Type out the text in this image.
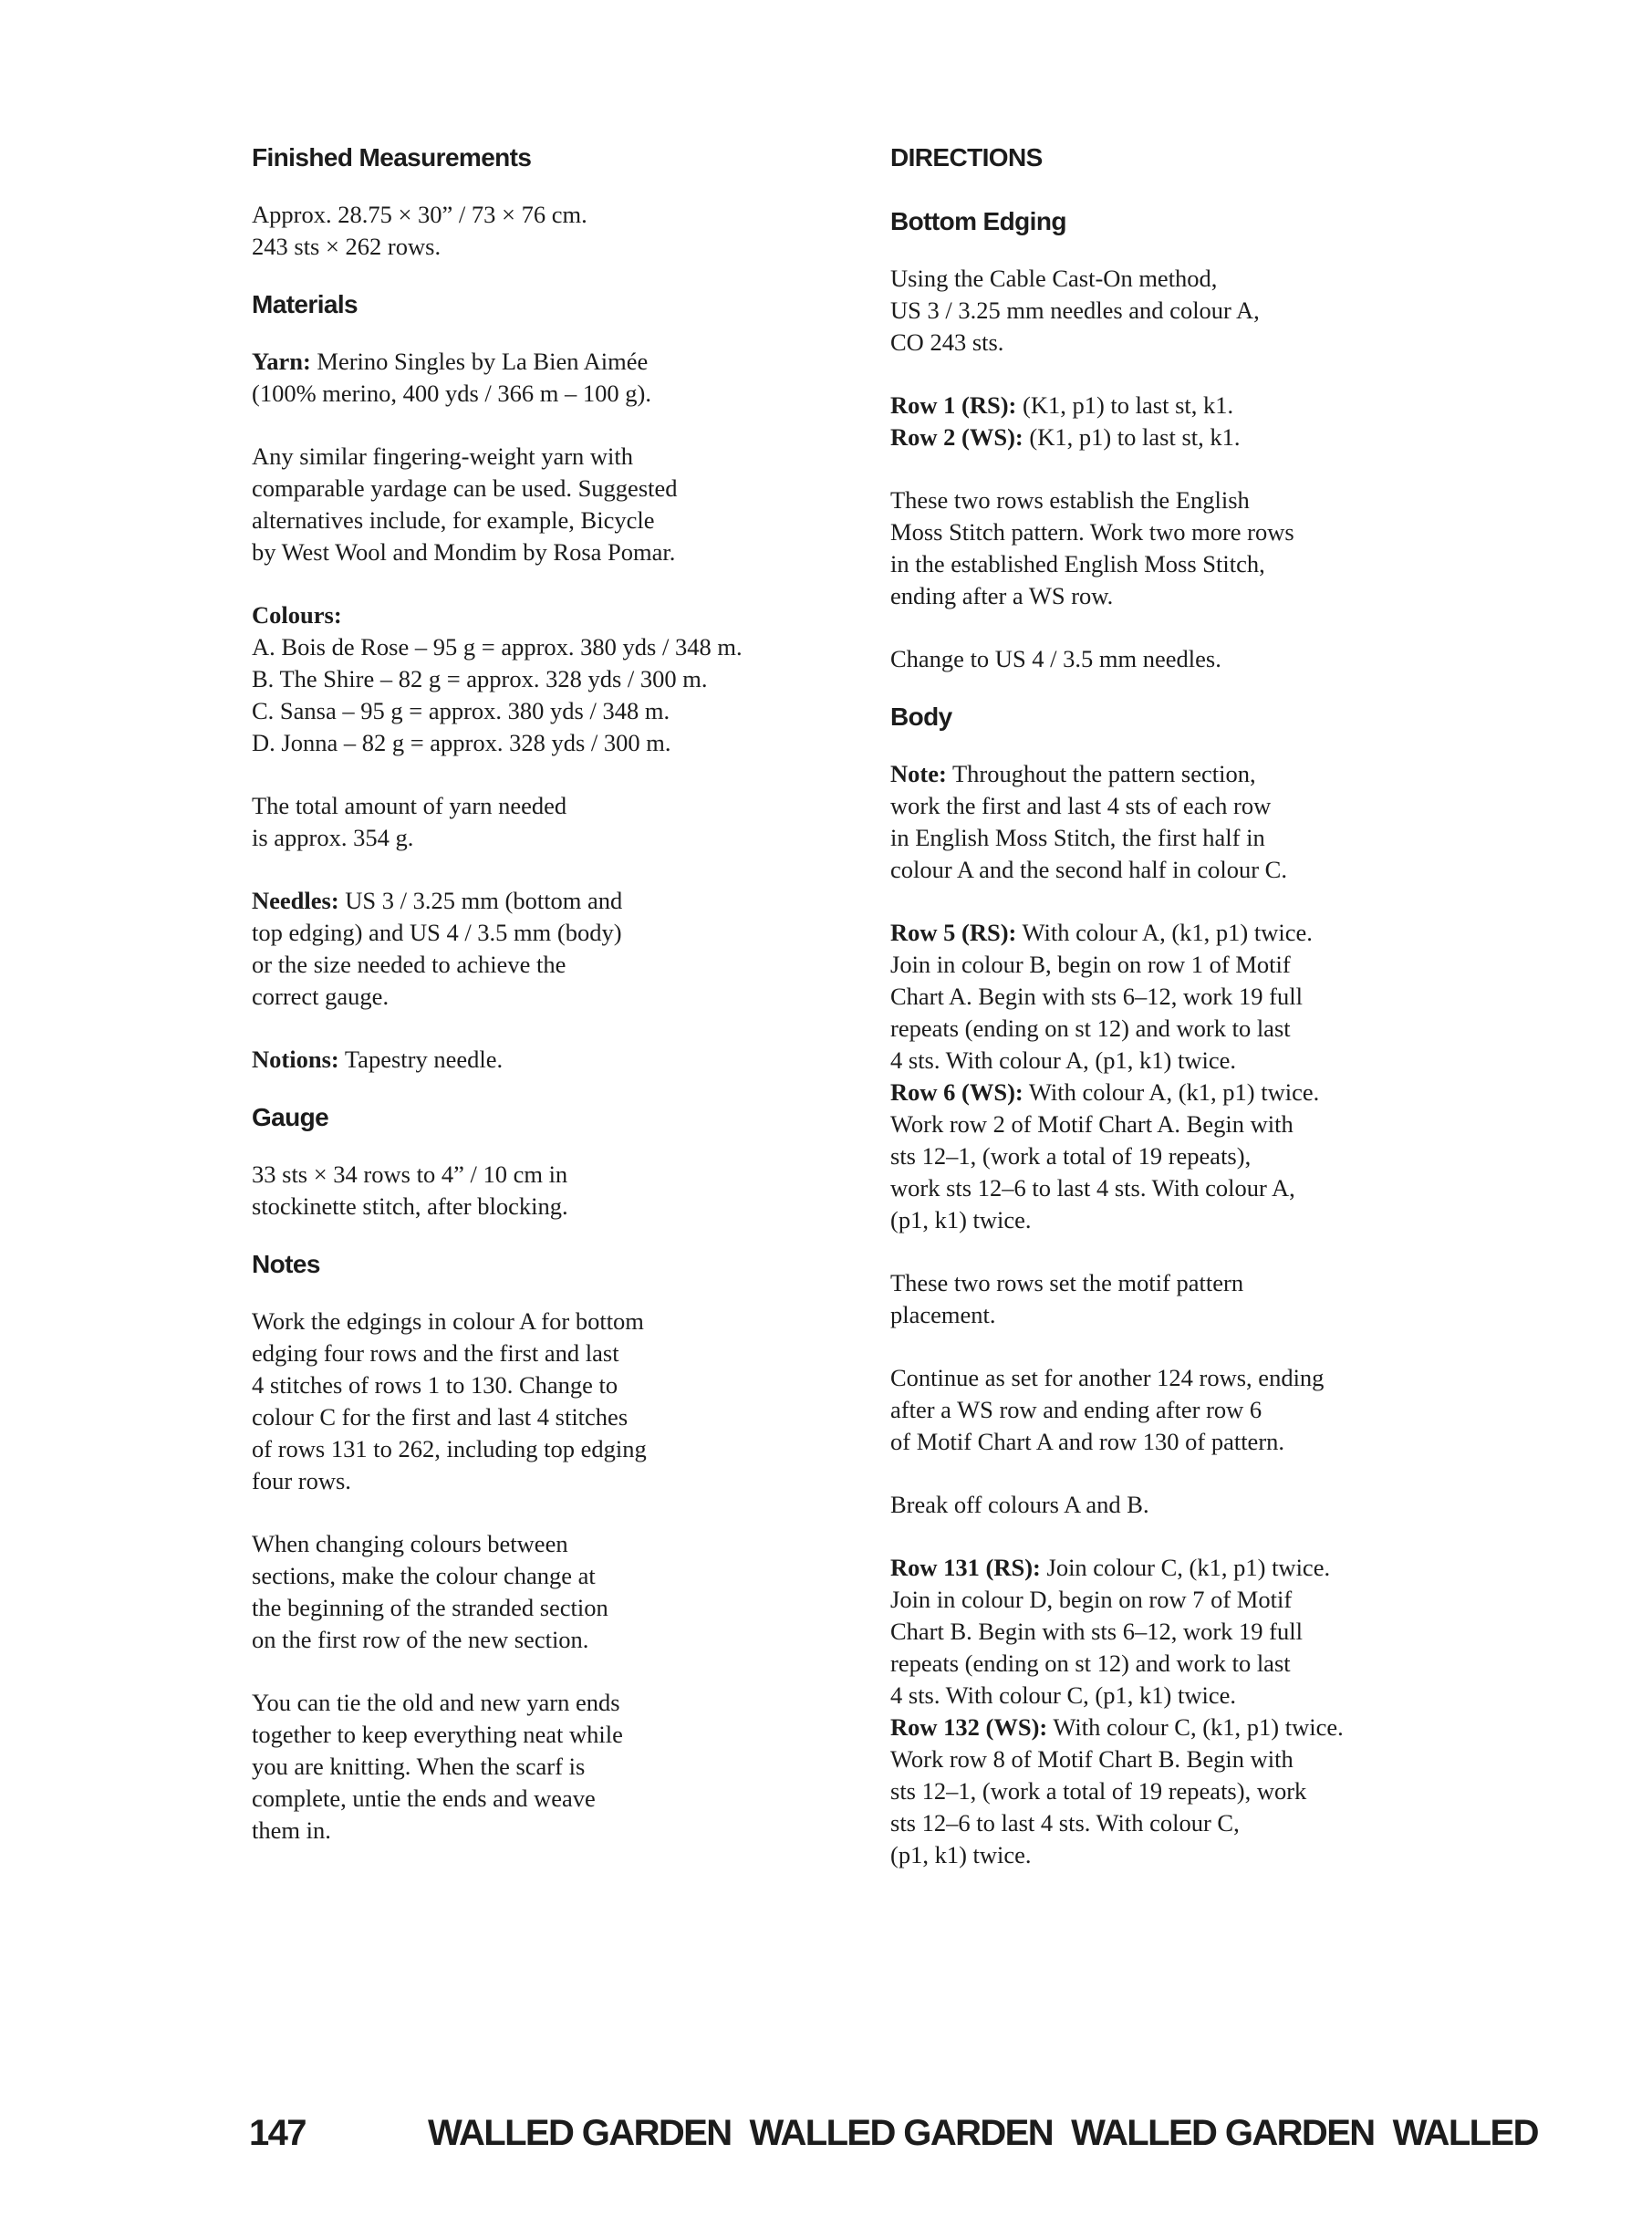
Finished Measurements

Approx. 28.75 × 30” / 73 × 76 cm.
243 sts × 262 rows.

Materials

Yarn: Merino Singles by La Bien Aimée
(100% merino, 400 yds / 366 m – 100 g).

Any similar fingering-weight yarn with
comparable yardage can be used. Suggested
alternatives include, for example, Bicycle
by West Wool and Mondim by Rosa Pomar.

Colours:

A. Bois de Rose – 95 g = approx. 380 yds / 348 m.
B. The Shire – 82 g = approx. 328 yds / 300 m.
C. Sansa – 95 g = approx. 380 yds / 348 m.
D. Jonna – 82 g = approx. 328 yds / 300 m.

The total amount of yarn needed
is approx. 354 g.

Needles: US 3 / 3.25 mm (bottom and
top edging) and US 4 / 3.5 mm (body)
or the size needed to achieve the
correct gauge.

Notions: Tapestry needle.

Gauge

33 sts × 34 rows to 4” / 10 cm in
stockinette stitch, after blocking.

Notes

Work the edgings in colour A for bottom
edging four rows and the first and last
4 stitches of rows 1 to 130. Change to
colour C for the first and last 4 stitches
of rows 131 to 262, including top edging
four rows.

When changing colours between
sections, make the colour change at
the beginning of the stranded section
on the first row of the new section.

You can tie the old and new yarn ends
together to keep everything neat while
you are knitting. When the scarf is
complete, untie the ends and weave
them in.

DIRECTIONS
Bottom Edging

Using the Cable Cast-On method,
US 3 / 3.25 mm needles and colour A,
CO 243 sts.

Row 1 (RS): (K1, p1) to last st, k1.

Row 2 (WS): (K1, p1) to last st, k1.

These two rows establish the English
Moss Stitch pattern. Work two more rows
in the established English Moss Stitch,
ending after a WS row.

Change to US 4 / 3.5 mm needles.

Body

Note: Throughout the pattern section,
work the first and last 4 sts of each row
in English Moss Stitch, the first half in
colour A and the second half in colour C.

Row 5 (RS): With colour A, (k1, p1) twice.
Join in colour B, begin on row 1 of Motif
Chart A. Begin with sts 6–12, work 19 full
repeats (ending on st 12) and work to last
4 sts. With colour A, (p1, k1) twice.

Row 6 (WS): With colour A, (k1, p1) twice.
Work row 2 of Motif Chart A. Begin with
sts 12–1, (work a total of 19 repeats),
work sts 12–6 to last 4 sts. With colour A,
(p1, k1) twice.

These two rows set the motif pattern
placement.

Continue as set for another 124 rows, ending
after a WS row and ending after row 6
of Motif Chart A and row 130 of pattern.

Break off colours A and B.

Row 131 (RS): Join colour C, (k1, p1) twice.
Join in colour D, begin on row 7 of Motif
Chart B. Begin with sts 6–12, work 19 full
repeats (ending on st 12) and work to last
4 sts. With colour C, (p1, k1) twice.

Row 132 (WS): With colour C, (k1, p1) twice.
Work row 8 of Motif Chart B. Begin with
sts 12–1, (work a total of 19 repeats), work
sts 12–6 to last 4 sts. With colour C,
(p1, k1) twice.

147	WALLED GARDEN WALLED GARDEN WALLED GARDEN WALLED
